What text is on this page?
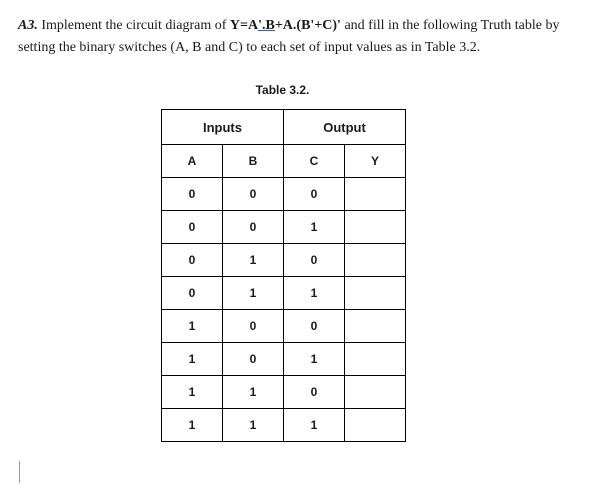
A3. Implement the circuit diagram of Y=A'.B+A.(B'+C)' and fill in the following Truth table by setting the binary switches (A, B and C) to each set of input values as in Table 3.2.
Table 3.2.
Inputs		Output	
A	B	C	Y
0	0	0	
0	0	1	
0	1	0	
0	1	1	
1	0	0	
1	0	1	
1	1	0	
1	1	1	
